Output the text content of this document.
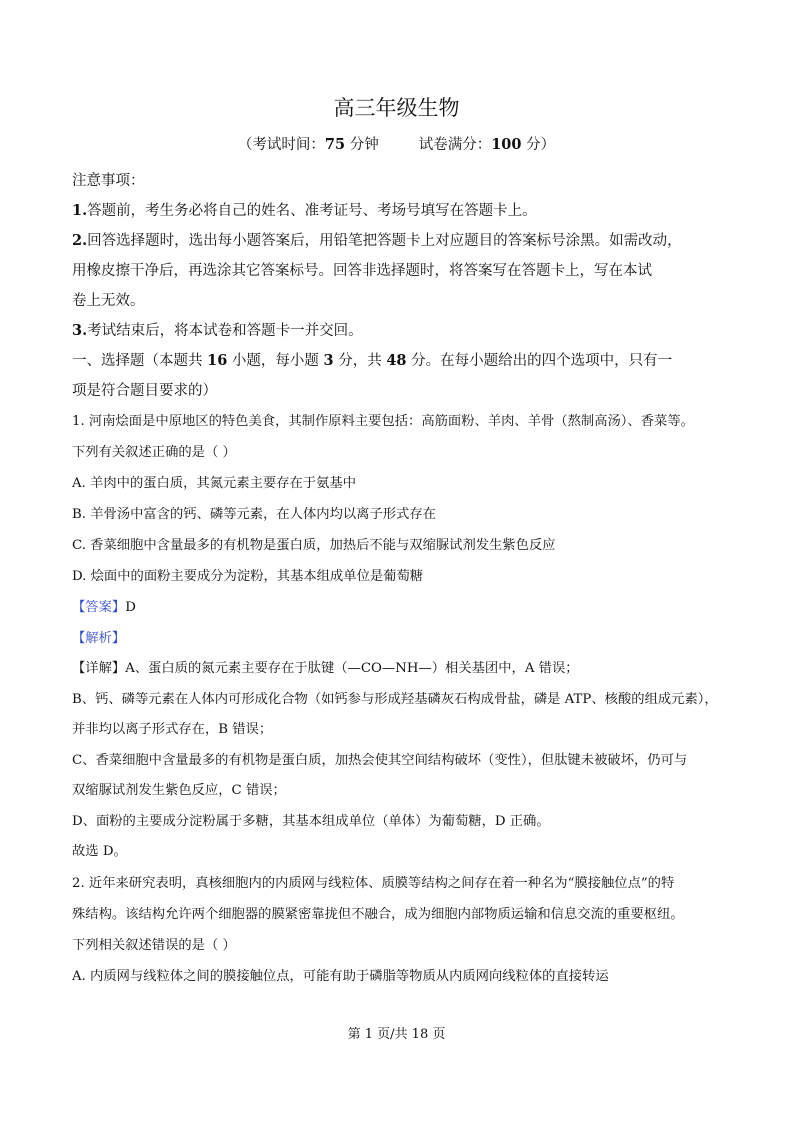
高三年级生物
（考试时间：75 分钟	试卷满分：100 分）

注意事项：

1.答题前，考生务必将自己的姓名、准考证号、考场号填写在答题卡上。

2.回答选择题时，选出每小题答案后，用铅笔把答题卡上对应题目的答案标号涂黑。如需改动，

用橡皮擦干净后，再选涂其它答案标号。回答非选择题时，将答案写在答题卡上，写在本试

卷上无效。

3.考试结束后，将本试卷和答题卡一并交回。

一、选择题（本题共 16 小题，每小题 3 分，共 48 分。在每小题给出的四个选项中，只有一

项是符合题目要求的）

1. 河南烩面是中原地区的特色美食，其制作原料主要包括：高筋面粉、羊肉、羊骨（熬制高汤）、香菜等。

下列有关叙述正确的是（ ）

A. 羊肉中的蛋白质，其氮元素主要存在于氨基中

B. 羊骨汤中富含的钙、磷等元素，在人体内均以离子形式存在

C. 香菜细胞中含量最多的有机物是蛋白质，加热后不能与双缩脲试剂发生紫色反应

D. 烩面中的面粉主要成分为淀粉，其基本组成单位是葡萄糖

【答案】D

【解析】

【详解】A、蛋白质的氮元素主要存在于肽键（—CO—NH—）相关基团中，A 错误；

B、钙、磷等元素在人体内可形成化合物（如钙参与形成羟基磷灰石构成骨盐，磷是 ATP、核酸的组成元素），

并非均以离子形式存在，B 错误；

C、香菜细胞中含量最多的有机物是蛋白质，加热会使其空间结构破坏（变性），但肽键未被破坏，仍可与

双缩脲试剂发生紫色反应，C 错误；

D、面粉的主要成分淀粉属于多糖，其基本组成单位（单体）为葡萄糖，D 正确。

故选 D。

2. 近年来研究表明，真核细胞内的内质网与线粒体、质膜等结构之间存在着一种名为“膜接触位点”的特

殊结构。该结构允许两个细胞器的膜紧密靠拢但不融合，成为细胞内部物质运输和信息交流的重要枢纽。

下列相关叙述错误的是（ ）

A. 内质网与线粒体之间的膜接触位点，可能有助于磷脂等物质从内质网向线粒体的直接转运

第 1 页/共 18 页
